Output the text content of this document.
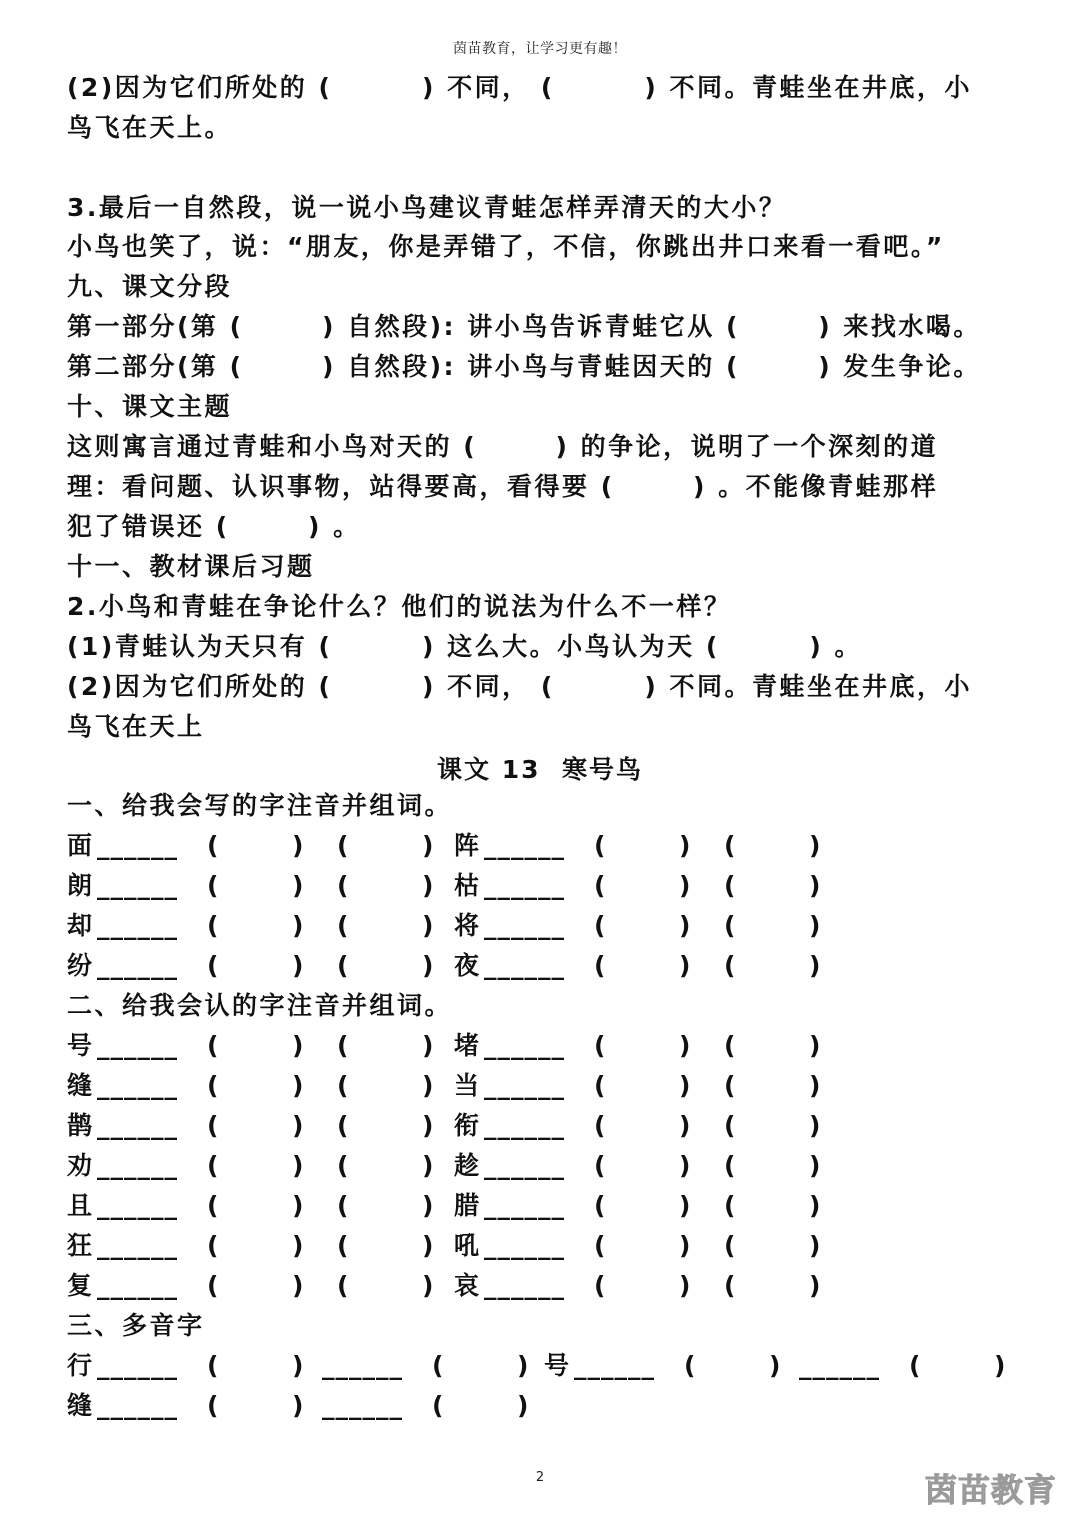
茵苗教育，让学习更有趣！
(2)因为它们所处的 (        ) 不同， (        ) 不同。青蛙坐在井底，小
鸟飞在天上。
3.最后一自然段，说一说小鸟建议青蛙怎样弄清天的大小？
小鸟也笑了，说：“朋友，你是弄错了，不信，你跳出井口来看一看吧。”
九、课文分段
第一部分(第 (       ) 自然段): 讲小鸟告诉青蛙它从 (       ) 来找水喝。
第二部分(第 (       ) 自然段): 讲小鸟与青蛙因天的 (       ) 发生争论。
十、课文主题
这则寓言通过青蛙和小鸟对天的 (       ) 的争论，说明了一个深刻的道
理：看问题、认识事物，站得要高，看得要 (       ) 。不能像青蛙那样
犯了错误还 (       ) 。
十一、教材课后习题
2.小鸟和青蛙在争论什么？他们的说法为什么不一样？
(1)青蛙认为天只有 (        ) 这么大。小鸟认为天 (        ) 。
(2)因为它们所处的 (        ) 不同， (        ) 不同。青蛙坐在井底，小
鸟飞在天上
课文 13  寒号鸟
一、给我会写的字注音并组词。
面 ______ (	) (	) 阵 ______ (	) (	)
朗 ______ (	) (	) 枯 ______ (	) (	)
却 ______ (	) (	) 将 ______ (	) (	)
纷 ______ (	) (	) 夜 ______ (	) (	)
二、给我会认的字注音并组词。
号 ______ (	) (	) 堵 ______ (	) (	)
缝 ______ (	) (	) 当 ______ (	) (	)
鹊 ______ (	) (	) 衔 ______ (	) (	)
劝 ______ (	) (	) 趁 ______ (	) (	)
且 ______ (	) (	) 腊 ______ (	) (	)
狂 ______ (	) (	) 吼 ______ (	) (	)
复 ______ (	) (	) 哀 ______ (	) (	)
三、多音字
行 ______ (	) ______ (	) 号 ______ (	) ______ (	)
缝 ______ (	) ______ (	)
2	茵苗教育
